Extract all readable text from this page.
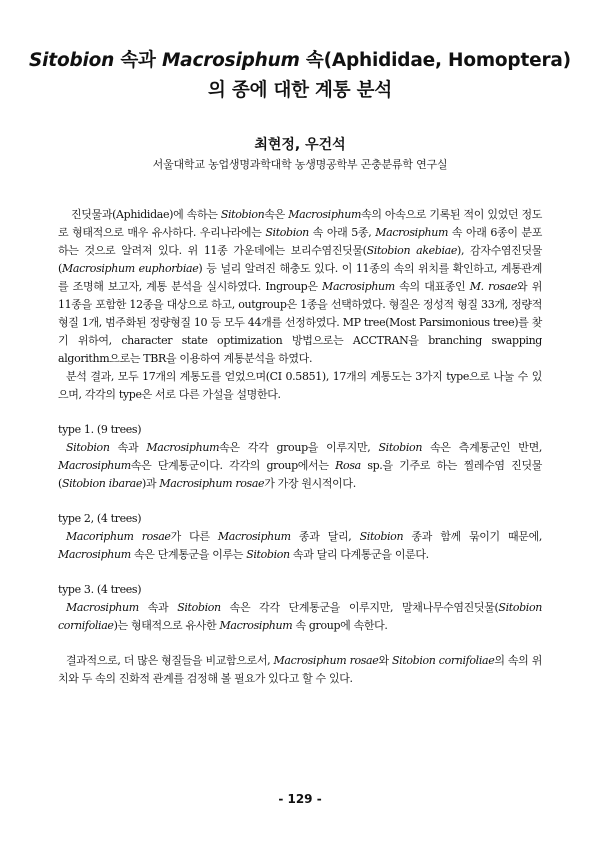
Sitobion 속과 Macrosiphum 속(Aphididae, Homoptera)
의 종에 대한 계통 분석
최현정, 우건석
서울대학교 농업생명과학대학 농생명공학부 곤충분류학 연구실

진딧물과(Aphididae)에 속하는 Sitobion속은 Macrosiphum속의 아속으로 기록된 적이 있었던 정도로 형태적으로 매우 유사하다. 우리나라에는 Sitobion 속 아래 5종, Macrosiphum 속 아래 6종이 분포하는 것으로 알려져 있다. 위 11종 가운데에는 보리수염진딧물(Sitobion akebiae), 감자수염진딧물(Macrosiphum euphorbiae) 등 널리 알려진 해충도 있다. 이 11종의 속의 위치를 확인하고, 계통관계를 조명해 보고자, 계통 분석을 실시하였다. Ingroup은 Macrosiphum 속의 대표종인 M. rosae와 위 11종을 포함한 12종을 대상으로 하고, outgroup은 1종을 선택하였다. 형질은 정성적 형질 33개, 정량적 형질 1개, 범주화된 정량형질 10 등 모두 44개를 선정하였다. MP tree(Most Parsimonious tree)를 찾기 위하여, character state optimization 방법으로는 ACCTRAN을 branching swapping algorithm으로는 TBR을 이용하여 계통분석을 하였다.

분석 결과, 모두 17개의 계통도를 얻었으며(CI 0.5851), 17개의 계통도는 3가지 type으로 나눌 수 있으며, 각각의 type은 서로 다른 가설을 설명한다.

type 1. (9 trees)

Sitobion 속과 Macrosiphum속은 각각 group을 이루지만, Sitobion 속은 측계통군인 반면, Macrosiphum속은 단계통군이다. 각각의 group에서는 Rosa sp.을 기주로 하는 찔레수염 진딧물 (Sitobion ibarae)과 Macrosiphum rosae가 가장 원시적이다.

type 2, (4 trees)

Macoriphum rosae가 다른 Macrosiphum 종과 달리, Sitobion 종과 함께 묶이기 때문에, Macrosiphum 속은 단계통군을 이루는 Sitobion 속과 달리 다계통군을 이룬다.

type 3. (4 trees)

Macrosiphum 속과 Sitobion 속은 각각 단계통군을 이루지만, 말채나무수염진딧물(Sitobion cornifoliae)는 형태적으로 유사한 Macrosiphum 속 group에 속한다.

결과적으로, 더 많은 형질들을 비교함으로서, Macrosiphum rosae와 Sitobion cornifoliae의 속의 위치와 두 속의 진화적 관계를 검정해 볼 필요가 있다고 할 수 있다.

- 129 -
